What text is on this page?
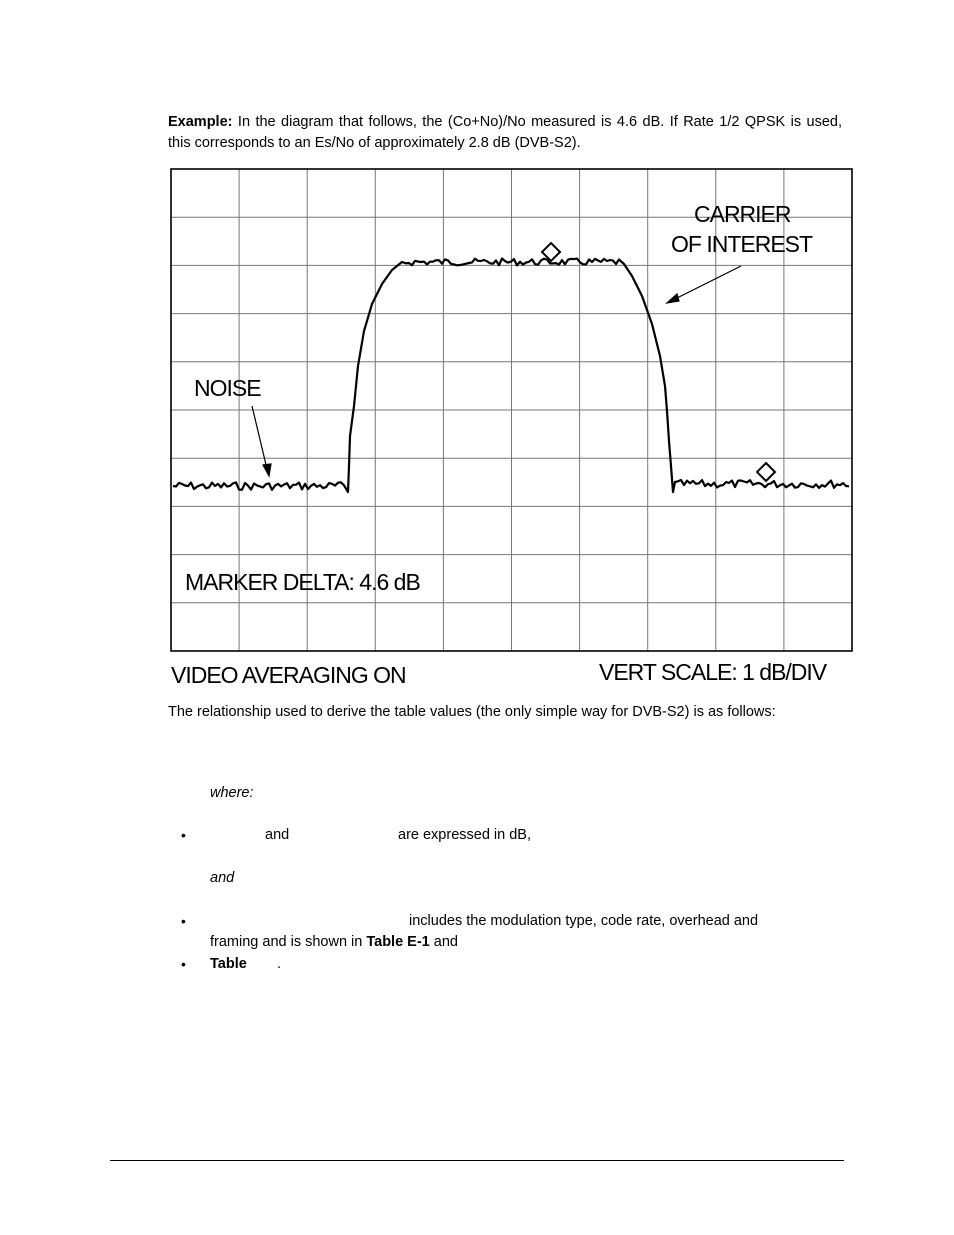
Example: In the diagram that follows, the (Co+No)/No measured is 4.6 dB. If Rate 1/2 QPSK is used, this corresponds to an Es/No of approximately 2.8 dB (DVB-S2).
CARRIER
OF INTEREST
NOISE
MARKER DELTA: 4.6 dB
VIDEO AVERAGING ON	VERT SCALE: 1 dB/DIV
The relationship used to derive the table values (the only simple way for DVB-S2) is as follows:
where:
•	and	are expressed in dB,
and
•	includes the modulation type, code rate, overhead and
framing and is shown in Table E-1 and
• Table .
